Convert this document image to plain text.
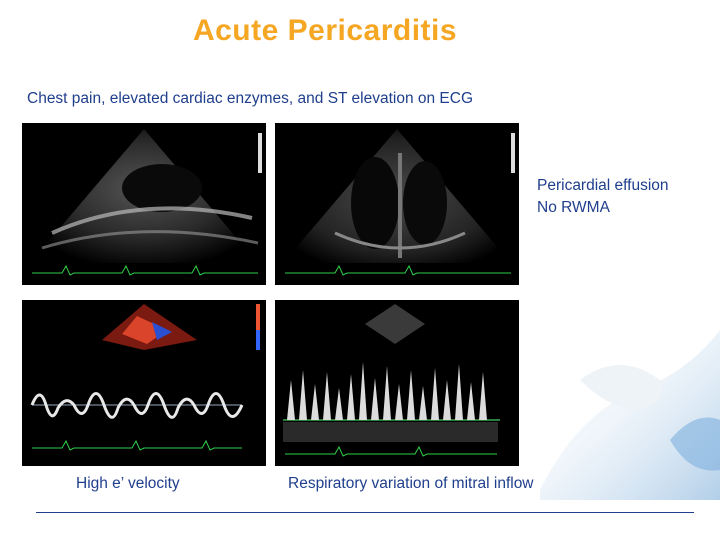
Acute Pericarditis
Chest pain, elevated cardiac enzymes, and ST elevation on ECG
Pericardial effusion
No RWMA
High e’ velocity	Respiratory variation of mitral inflow
